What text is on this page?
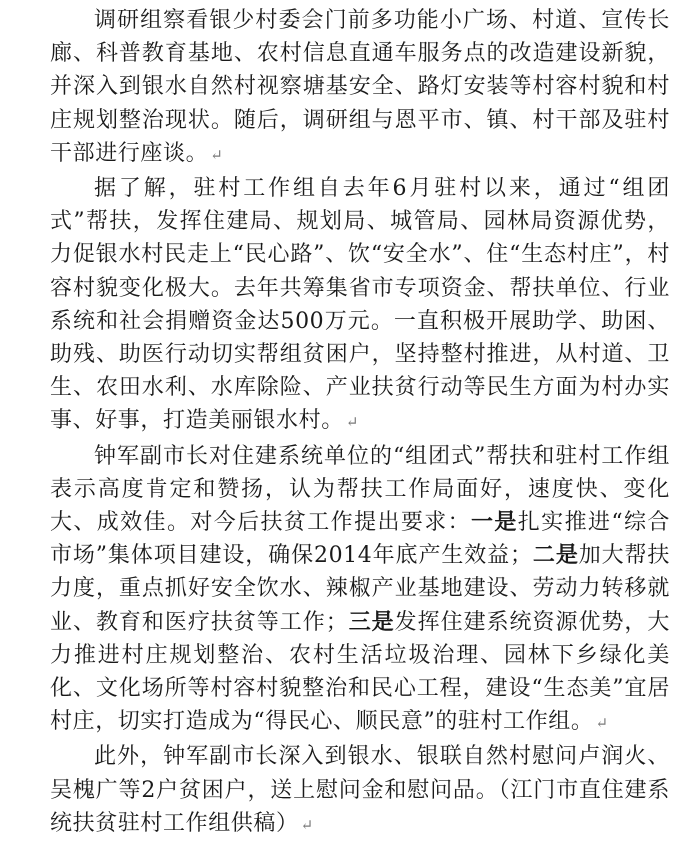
调研组察看银少村委会门前多功能小广场、村道、宣传长廊、科普教育基地、农村信息直通车服务点的改造建设新貌，并深入到银水自然村视察塘基安全、路灯安装等村容村貌和村庄规划整治现状。随后，调研组与恩平市、镇、村干部及驻村干部进行座谈。 ↵

据了解，驻村工作组自去年6月驻村以来，通过“组团式”帮扶，发挥住建局、规划局、城管局、园林局资源优势，力促银水村民走上“民心路”、饮“安全水”、住“生态村庄”，村容村貌变化极大。去年共筹集省市专项资金、帮扶单位、行业系统和社会捐赠资金达500万元。一直积极开展助学、助困、助残、助医行动切实帮组贫困户，坚持整村推进，从村道、卫生、农田水利、水库除险、产业扶贫行动等民生方面为村办实事、好事，打造美丽银水村。 ↵

钟军副市长对住建系统单位的“组团式”帮扶和驻村工作组表示高度肯定和赞扬，认为帮扶工作局面好，速度快、变化大、成效佳。对今后扶贫工作提出要求：一是扎实推进“综合市场”集体项目建设，确保2014年底产生效益；二是加大帮扶力度，重点抓好安全饮水、辣椒产业基地建设、劳动力转移就业、教育和医疗扶贫等工作；三是发挥住建系统资源优势，大力推进村庄规划整治、农村生活垃圾治理、园林下乡绿化美化、文化场所等村容村貌整治和民心工程，建设“生态美”宜居村庄，切实打造成为“得民心、顺民意”的驻村工作组。 ↵

此外，钟军副市长深入到银水、银联自然村慰问卢润火、吴槐广等2户贫困户，送上慰问金和慰问品。（江门市直住建系统扶贫驻村工作组供稿） ↵
